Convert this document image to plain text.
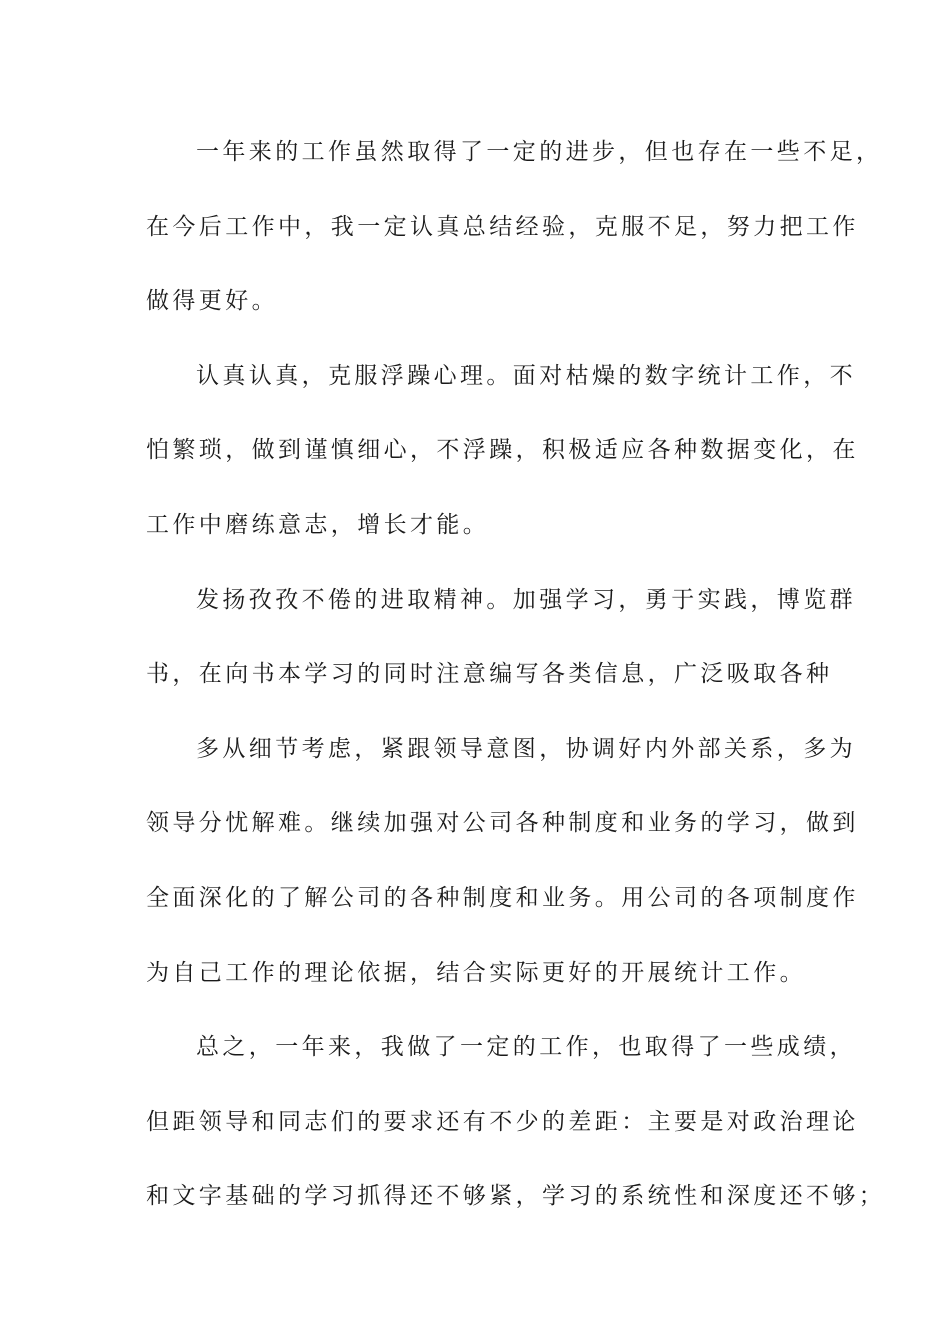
一年来的工作虽然取得了一定的进步，但也存在一些不足，
在今后工作中，我一定认真总结经验，克服不足，努力把工作
做得更好。
认真认真，克服浮躁心理。面对枯燥的数字统计工作，不
怕繁琐，做到谨慎细心，不浮躁，积极适应各种数据变化，在
工作中磨练意志，增长才能。
发扬孜孜不倦的进取精神。加强学习，勇于实践，博览群
书，在向书本学习的同时注意编写各类信息，广泛吸取各种
多从细节考虑，紧跟领导意图，协调好内外部关系，多为
领导分忧解难。继续加强对公司各种制度和业务的学习，做到
全面深化的了解公司的各种制度和业务。用公司的各项制度作
为自己工作的理论依据，结合实际更好的开展统计工作。
总之，一年来，我做了一定的工作，也取得了一些成绩，
但距领导和同志们的要求还有不少的差距：主要是对政治理论
和文字基础的学习抓得还不够紧，学习的系统性和深度还不够；
